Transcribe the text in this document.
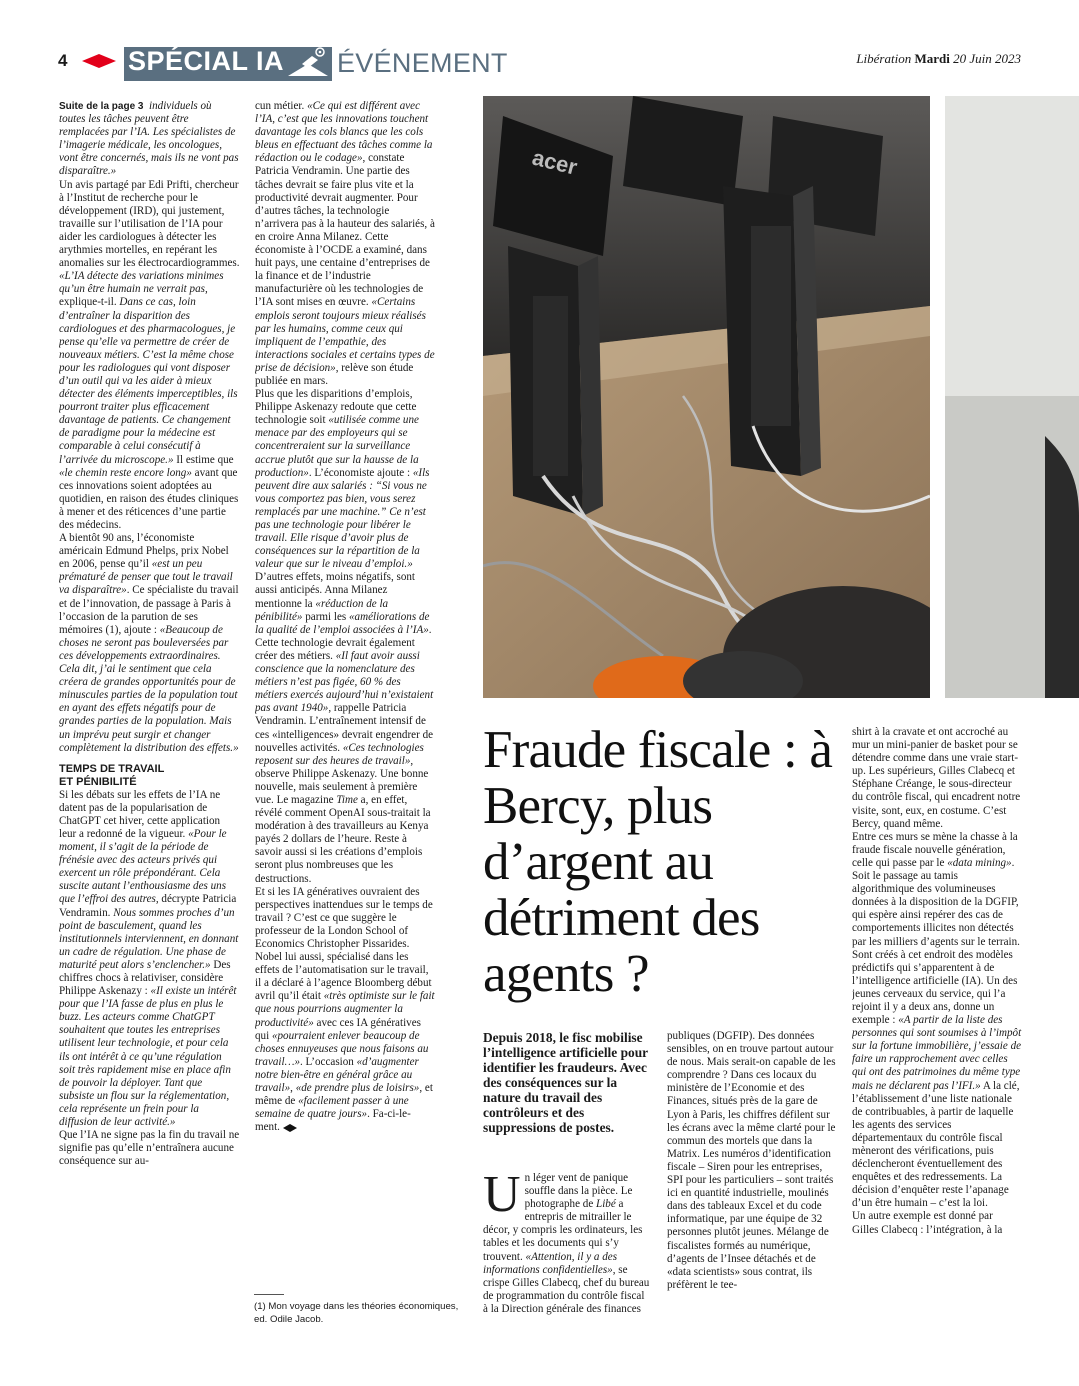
4 SPÉCIAL IA ÉVÉNEMENT	Libération Mardi 20 Juin 2023

Suite de la page 3 individuels où toutes les tâches peuvent être remplacées par l’IA. Les spécialistes de l’imagerie médicale, les oncologues, vont être concernés, mais ils ne vont pas disparaître.»

Un avis partagé par Edi Prifti, chercheur à l’Institut de recherche pour le développement (IRD), qui justement, travaille sur l’utilisation de l’IA pour aider les cardiologues à détecter les arythmies mortelles, en repérant les anomalies sur les électrocardiogrammes. «L’IA détecte des variations minimes qu’un être humain ne verrait pas, explique-t-il. Dans ce cas, loin d’entraîner la disparition des cardiologues et des pharmacologues, je pense qu’elle va permettre de créer de nouveaux métiers. C’est la même chose pour les radiologues qui vont disposer d’un outil qui va les aider à mieux détecter des éléments imperceptibles, ils pourront traiter plus efficacement davantage de patients. Ce changement de paradigme pour la médecine est comparable à celui consécutif à l’arrivée du microscope.» Il estime que «le chemin reste encore long» avant que ces innovations soient adoptées au quotidien, en raison des études cliniques à mener et des réticences d’une partie des médecins.

A bientôt 90 ans, l’économiste américain Edmund Phelps, prix Nobel en 2006, pense qu’il «est un peu prématuré de penser que tout le travail va disparaître». Ce spécialiste du travail et de l’innovation, de passage à Paris à l’occasion de la parution de ses mémoires (1), ajoute : «Beaucoup de choses ne seront pas bouleversées par ces développements extraordinaires. Cela dit, j’ai le sentiment que cela créera de grandes opportunités pour de minuscules parties de la population tout en ayant des effets négatifs pour de grandes parties de la population. Mais un imprévu peut surgir et changer complètement la distribution des effets.»

TEMPS DE TRAVAIL ET PÉNIBILITÉ

Si les débats sur les effets de l’IA ne datent pas de la popularisation de ChatGPT cet hiver, cette application leur a redonné de la vigueur. «Pour le moment, il s’agit de la période de frénésie avec des acteurs privés qui exercent un rôle prépondérant. Cela suscite autant l’enthousiasme des uns que l’effroi des autres, décrypte Patricia Vendramin. Nous sommes proches d’un point de basculement, quand les institutionnels interviennent, en donnant un cadre de régulation. Une phase de maturité peut alors s’enclencher.» Des chiffres chocs à relativiser, considère Philippe Askenazy : «Il existe un intérêt pour que l’IA fasse de plus en plus le buzz. Les acteurs comme ChatGPT souhaitent que toutes les entreprises utilisent leur technologie, et pour cela ils ont intérêt à ce qu’une régulation soit très rapidement mise en place afin de pouvoir la déployer. Tant que subsiste un flou sur la réglementation, cela représente un frein pour la diffusion de leur activité.»

Que l’IA ne signe pas la fin du travail ne signifie pas qu’elle n’entraînera aucune conséquence sur au-

cun métier. «Ce qui est différent avec l’IA, c’est que les innovations touchent davantage les cols blancs que les cols bleus en effectuant des tâches comme la rédaction ou le codage», constate Patricia Vendramin. Une partie des tâches devrait se faire plus vite et la productivité devrait augmenter. Pour d’autres tâches, la technologie n’arrivera pas à la hauteur des salariés, à en croire Anna Milanez. Cette économiste à l’OCDE a examiné, dans huit pays, une centaine d’entreprises de la finance et de l’industrie manufacturière où les technologies de l’IA sont mises en œuvre. «Certains emplois seront toujours mieux réalisés par les humains, comme ceux qui impliquent de l’empathie, des interactions sociales et certains types de prise de décision», relève son étude publiée en mars.

Plus que les disparitions d’emplois, Philippe Askenazy redoute que cette technologie soit «utilisée comme une menace par des employeurs qui se concentreraient sur la surveillance accrue plutôt que sur la hausse de la production». L’économiste ajoute : «Ils peuvent dire aux salariés : “Si vous ne vous comportez pas bien, vous serez remplacés par une machine.” Ce n’est pas une technologie pour libérer le travail. Elle risque d’avoir plus de conséquences sur la répartition de la valeur que sur le niveau d’emploi.»

D’autres effets, moins négatifs, sont aussi anticipés. Anna Milanez mentionne la «réduction de la pénibilité» parmi les «améliorations de la qualité de l’emploi associées à l’IA». Cette technologie devrait également créer des métiers. «Il faut avoir aussi conscience que la nomenclature des métiers n’est pas figée, 60 % des métiers exercés aujourd’hui n’existaient pas avant 1940», rappelle Patricia Vendramin. L’entraînement intensif de ces «intelligences» devrait engendrer de nouvelles activités. «Ces technologies reposent sur des heures de travail», observe Philippe Askenazy. Une bonne nouvelle, mais seulement à première vue. Le magazine Time a, en effet, révélé comment OpenAI sous-traitait la modération à des travailleurs au Kenya payés 2 dollars de l’heure. Reste à savoir aussi si les créations d’emplois seront plus nombreuses que les destructions.

Et si les IA génératives ouvraient des perspectives inattendues sur le temps de travail ? C’est ce que suggère le professeur de la London School of Economics Christopher Pissarides. Nobel lui aussi, spécialisé dans les effets de l’automatisation sur le travail, il a déclaré à l’agence Bloomberg début avril qu’il était «très optimiste sur le fait que nous pourrions augmenter la productivité» avec ces IA génératives qui «pourraient enlever beaucoup de choses ennuyeuses que nous faisons au travail…». L’occasion «d’augmenter notre bien-être en général grâce au travail», «de prendre plus de loisirs», et même de «facilement passer à une semaine de quatre jours». Fa-ci-le-ment.

(1) Mon voyage dans les théories économiques, ed. Odile Jacob.
acer
Fraude fiscale : à Bercy, plus d’argent au détriment des agents ?
Depuis 2018, le fisc mobilise l’intelligence artificielle pour identifier les fraudeurs. Avec des conséquences sur la nature du travail des contrôleurs et des suppressions de postes.

Un léger vent de panique souffle dans la pièce. Le photographe de Libé a entrepris de mitrailler le décor, y compris les ordinateurs, les tables et les documents qui s’y trouvent. «Attention, il y a des informations confidentielles», se crispe Gilles Clabecq, chef du bureau de programmation du contrôle fiscal à la Direction générale des finances

publiques (DGFIP). Des données sensibles, on en trouve partout autour de nous. Mais serait-on capable de les comprendre ? Dans ces locaux du ministère de l’Economie et des Finances, situés près de la gare de Lyon à Paris, les chiffres défilent sur les écrans avec la même clarté pour le commun des mortels que dans la Matrix. Les numéros d’identification fiscale – Siren pour les entreprises, SPI pour les particuliers – sont traités ici en quantité industrielle, moulinés dans des tableaux Excel et du code informatique, par une équipe de 32 personnes plutôt jeunes. Mélange de fiscalistes formés au numérique, d’agents de l’Insee détachés et de «data scientists» sous contrat, ils préfèrent le tee-

shirt à la cravate et ont accroché au mur un mini-panier de basket pour se détendre comme dans une vraie start-up. Les supérieurs, Gilles Clabecq et Stéphane Créange, le sous-directeur du contrôle fiscal, qui encadrent notre visite, sont, eux, en costume. C’est Bercy, quand même.

Entre ces murs se mène la chasse à la fraude fiscale nouvelle génération, celle qui passe par le «data mining». Soit le passage au tamis algorithmique des volumineuses données à la disposition de la DGFIP, qui espère ainsi repérer des cas de comportements illicites non détectés par les milliers d’agents sur le terrain. Sont créés à cet endroit des modèles prédictifs qui s’apparentent à de l’intelligence artificielle (IA). Un des jeunes cerveaux du service, qui l’a rejoint il y a deux ans, donne un exemple : «A partir de la liste des personnes qui sont soumises à l’impôt sur la fortune immobilière, j’essaie de faire un rapprochement avec celles qui ont des patrimoines du même type mais ne déclarent pas l’IFI.» A la clé, l’établissement d’une liste nationale de contribuables, à partir de laquelle les agents des services départementaux du contrôle fiscal mèneront des vérifications, puis déclencheront éventuellement des enquêtes et des redressements. La décision d’enquêter reste l’apanage d’un être humain – c’est la loi.

Un autre exemple est donné par Gilles Clabecq : l’intégration, à la
